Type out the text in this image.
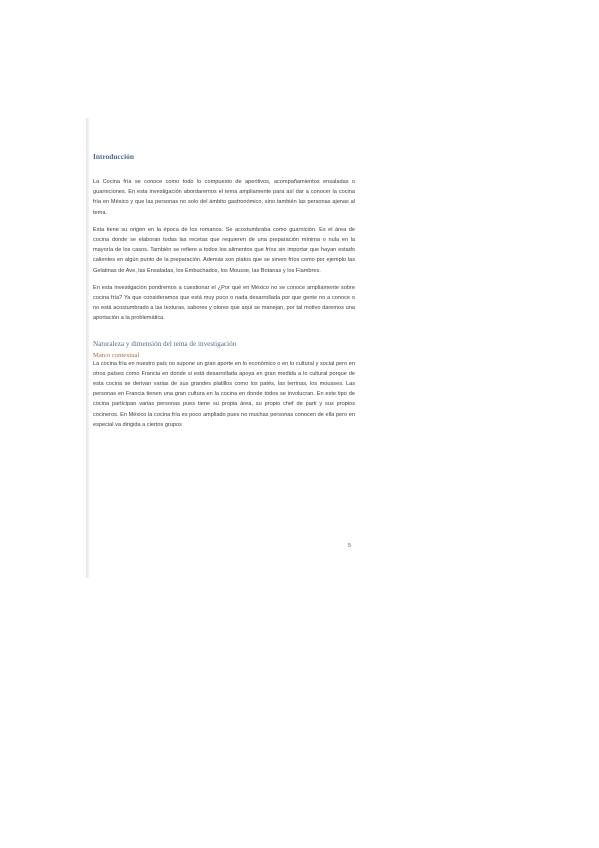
Introducción

La Cocina fría se conoce como todo lo compuesto de aperitivos, acompañamientos ensaladas o guarniciones. En esta investigación abordaremos el tema ampliamente para así dar a conocer la cocina fría en México y que las personas no solo del ámbito gastronómico, sino también las personas ajenas al tema.

Esta tiene su origen en la época de los romanos. Se acostumbraba como guarnición. Es el área de cocina donde se elaboran todas las recetas que requieren de una preparación mínima o nula en la mayoría de los casos. También se refiere a todos los alimentos que fríos sin importar que hayan estado calientes en algún punto de la preparación. Además son platos que se sirven fríos como por ejemplo las Gelatinas de Ave, las Ensaladas, los Embuchados, los Mousse, las Botanas y los Fiambres.

En esta investigación pondremos a cuestionar el ¿Por qué en México no se conoce ampliamente sobre cocina fría? Ya que consideramos que está muy poco o nada desarrollada por que gente no a conoce o no está acostumbrado a las texturas, sabores y olores que aquí se manejan, por tal motivo daremos una aportación a la problemática.

Naturaleza y dimensión del tema de investigación
Marco contextual

La cocina fría en nuestro país no supone un gran aporte en lo económico o en lo cultural y social pero en otros países como Francia en donde si está desarrollada apoya en gran medida a lo cultural porque de esta cocina se derivan varias de sus grandes platillos como los patés, las terrinas, los mousses. Las personas en Francia tienen una gran cultura en la cocina en donde todos se involucran. En este tipo de cocina participan varias personas pues tiene su propia área, su propio chef de parti y sus propios cocineros. En México la cocina fría es poco ampliado pues no muchas personas conocen de ella pero en especial va dirigida a ciertos grupos

5
